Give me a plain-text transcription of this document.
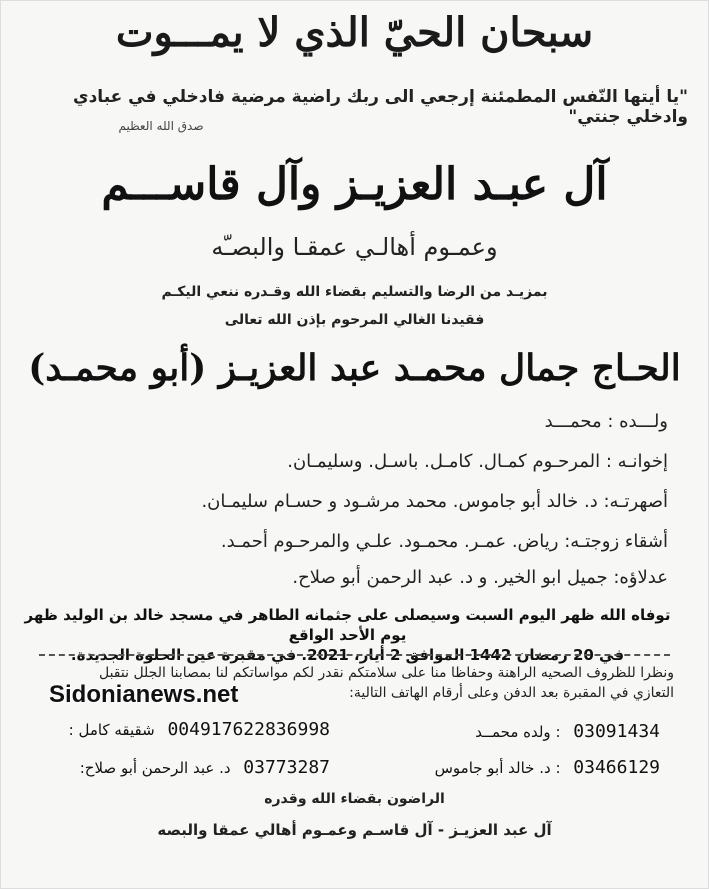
سبحان الحيّ الذي لا يمـــوت
"يا أيتها النّفس المطمئنة إرجعي الى ربك راضية مرضية فادخلي في عبادي وادخلي جنتي"
صدق الله العظيم
آل عبـد العزيـز وآل قاســـم
وعمـوم أهالـي عمقـا والبصـّه
بمزيـد من الرضا والتسليم بقضاء الله وقـدره ننعي اليكـم
فقيدنا الغالي المرحوم بإذن الله تعالى
الحـاج جمال محمـد عبد العزيـز (أبو محمـد)
ولـــده : محمـــد
إخوانـه : المرحـوم كمـال. كامـل. باسـل. وسليمـان.
أصهرتـه: د. خالد أبو جاموس. محمد مرشـود و حسـام سليمـان.
أشقاء زوجتـه: رياض. عمـر. محمـود. علـي والمرحـوم أحمـد.
عدلاؤه: جميل ابو الخير. و د. عبد الرحمن أبو صلاح.
توفاه الله ظهر اليوم السبت وسيصلى على جثمانه الطاهر في مسجد خالد بن الوليد ظهر يوم الأحد الواقع
في 20 رمضان 1442 الموافق 2 أيار، 2021. في مقبرة عين الحلوة الجديدة.
ونظرا للظروف الصحيه الراهنة وحفاظا منا على سلامتكم نقدر لكم مواساتكم لنا بمصابنا الجلل نتقبل
التعازي في المقبرة بعد الدفن وعلى أرقام الهاتف التالية:
Sidonianews.net
ولده محمــد : 03091434
شقيقه كامل : 004917622836998
د. خالد أبو جاموس : 03466129
د. عبد الرحمن أبو صلاح: 03773287
الراضون بقضاء الله وقدره
آل عبد العزيـز - آل قاسـم وعمـوم أهالي عمقا والبصه
